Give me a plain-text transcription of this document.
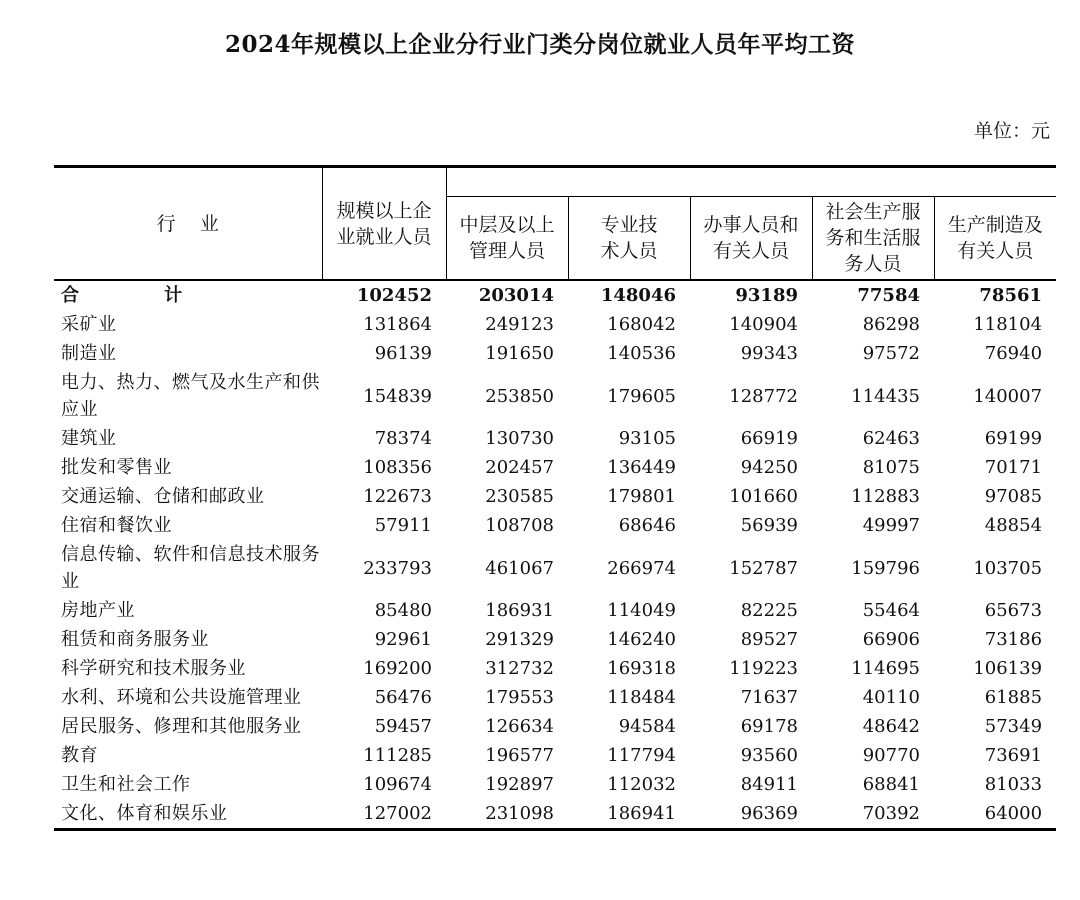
2024年规模以上企业分行业门类分岗位就业人员年平均工资
单位：元
行    业	规模以上企业就业人员					
		中层及以上管理人员	专业技术人员	办事人员和有关人员	社会生产服务和生活服务人员	生产制造及有关人员
合    计	102452	203014	148046	93189	77584	78561
采矿业	131864	249123	168042	140904	86298	118104
制造业	96139	191650	140536	99343	97572	76940
电力、热力、燃气及水生产和供应业	154839	253850	179605	128772	114435	140007
建筑业	78374	130730	93105	66919	62463	69199
批发和零售业	108356	202457	136449	94250	81075	70171
交通运输、仓储和邮政业	122673	230585	179801	101660	112883	97085
住宿和餐饮业	57911	108708	68646	56939	49997	48854
信息传输、软件和信息技术服务业	233793	461067	266974	152787	159796	103705
房地产业	85480	186931	114049	82225	55464	65673
租赁和商务服务业	92961	291329	146240	89527	66906	73186
科学研究和技术服务业	169200	312732	169318	119223	114695	106139
水利、环境和公共设施管理业	56476	179553	118484	71637	40110	61885
居民服务、修理和其他服务业	59457	126634	94584	69178	48642	57349
教育	111285	196577	117794	93560	90770	73691
卫生和社会工作	109674	192897	112032	84911	68841	81033
文化、体育和娱乐业	127002	231098	186941	96369	70392	64000
